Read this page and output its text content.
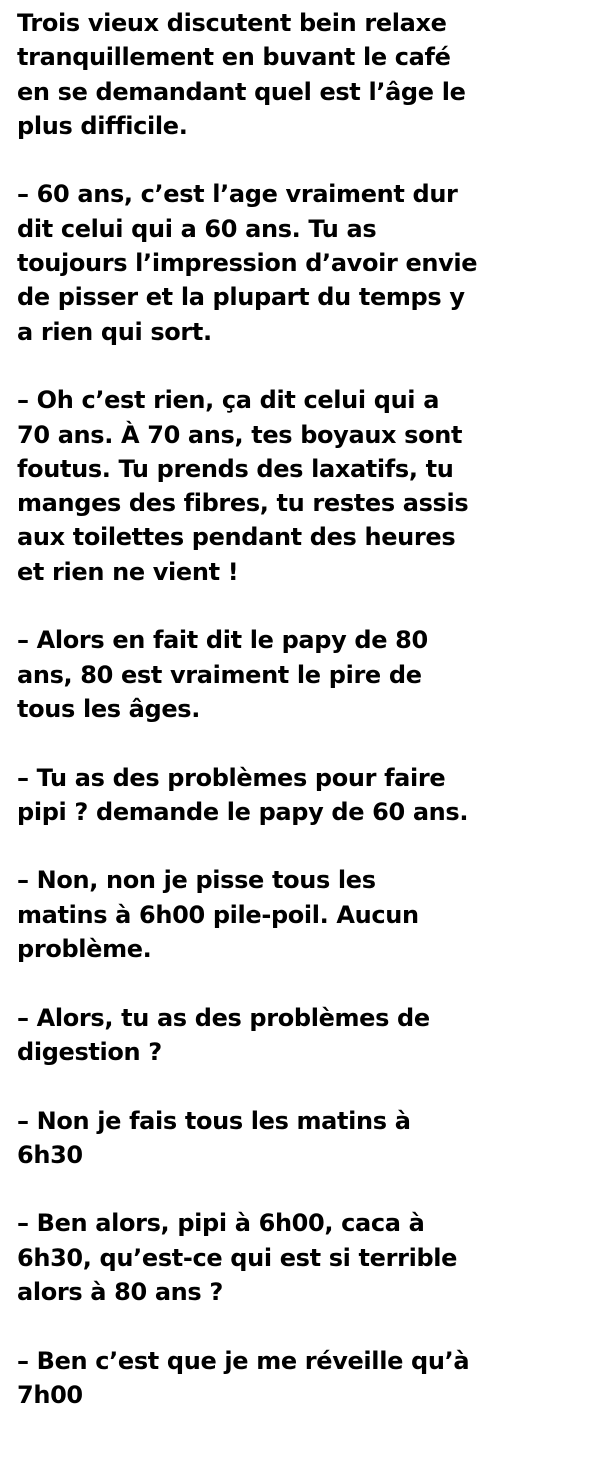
Trois vieux discutent bein relaxe
tranquillement en buvant le café
en se demandant quel est l’âge le
plus difficile.

– 60 ans, c’est l’age vraiment dur
dit celui qui a 60 ans. Tu as
toujours l’impression d’avoir envie
de pisser et la plupart du temps y
a rien qui sort.

– Oh c’est rien, ça dit celui qui a
70 ans. À 70 ans, tes boyaux sont
foutus. Tu prends des laxatifs, tu
manges des fibres, tu restes assis
aux toilettes pendant des heures
et rien ne vient !

– Alors en fait dit le papy de 80
ans, 80 est vraiment le pire de
tous les âges.

– Tu as des problèmes pour faire
pipi ? demande le papy de 60 ans.

– Non, non je pisse tous les
matins à 6h00 pile-poil. Aucun
problème.

– Alors, tu as des problèmes de
digestion ?

– Non je fais tous les matins à
6h30

– Ben alors, pipi à 6h00, caca à
6h30, qu’est-ce qui est si terrible
alors à 80 ans ?

– Ben c’est que je me réveille qu’à
7h00
